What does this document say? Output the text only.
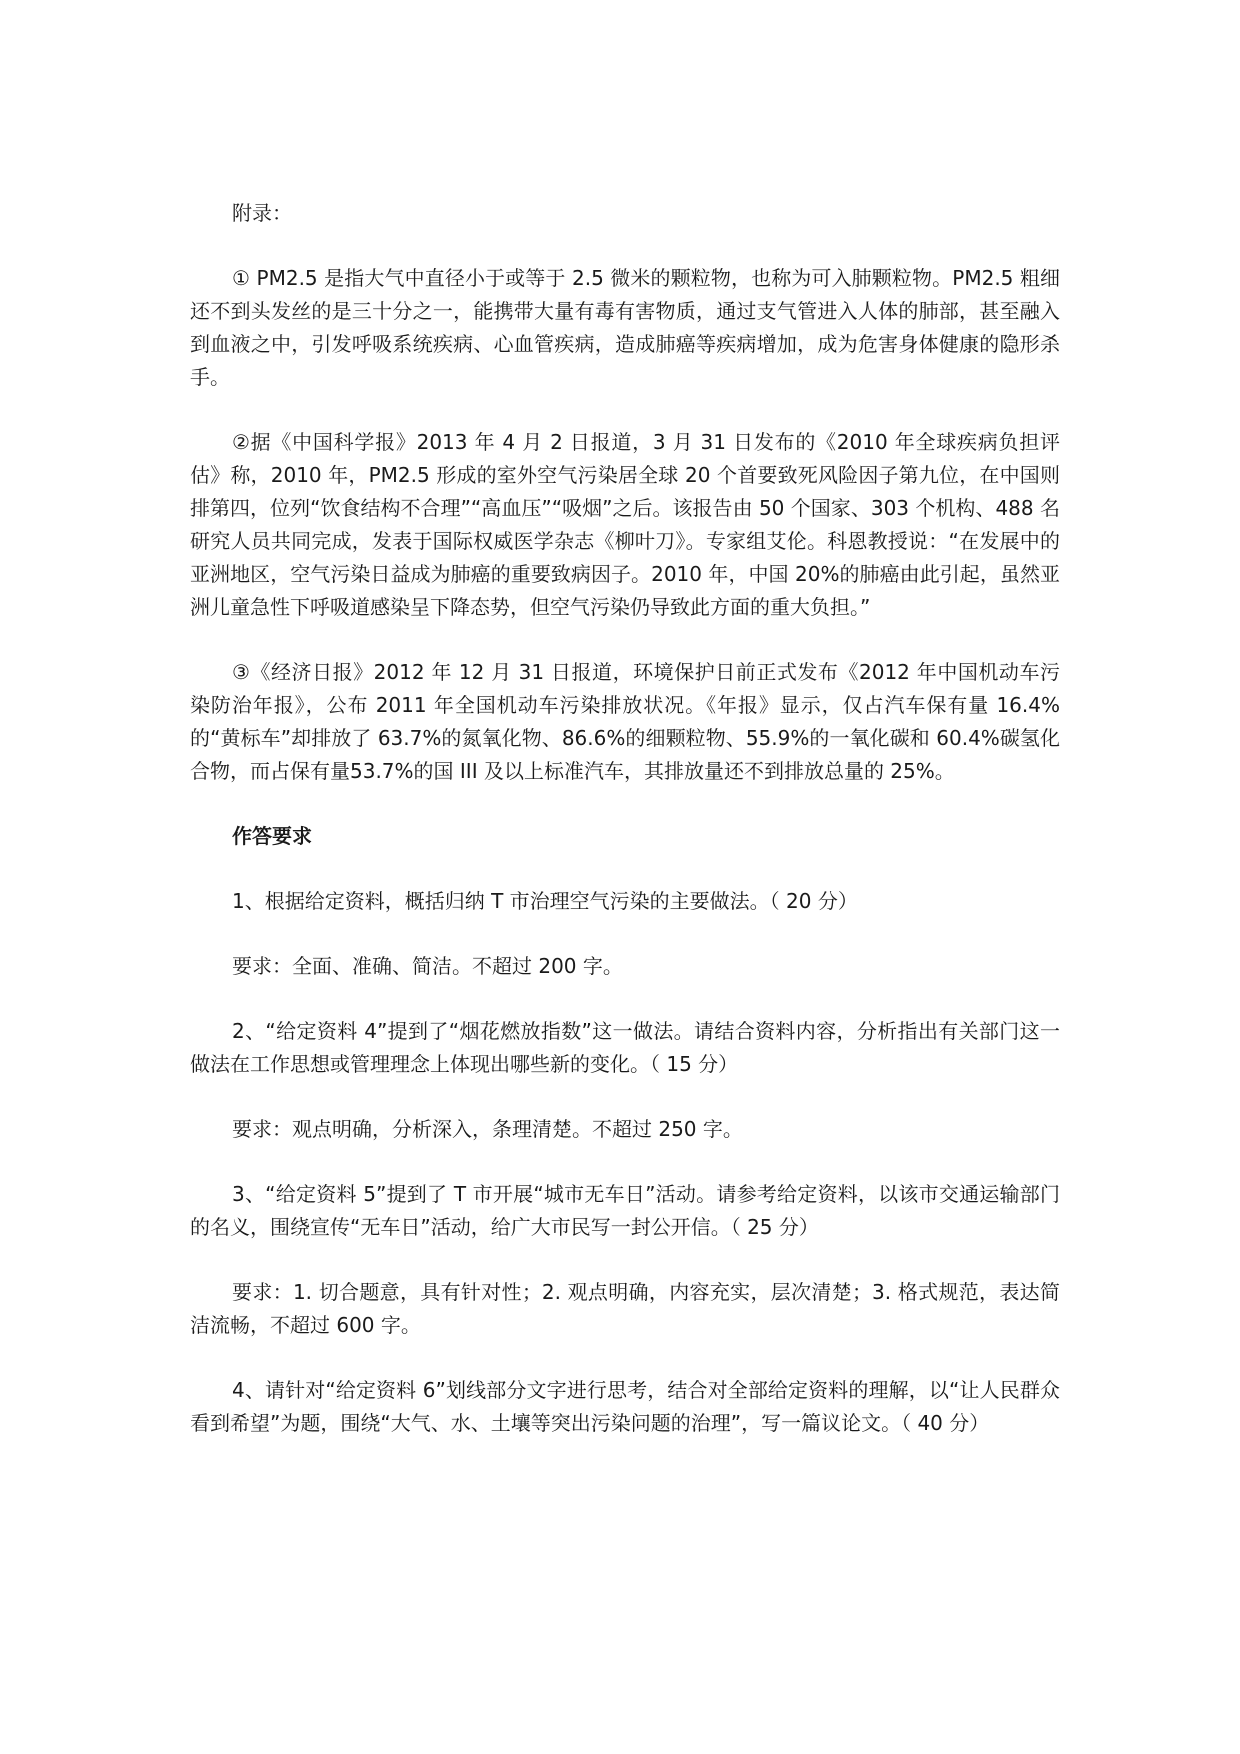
附录：

① PM2.5 是指大气中直径小于或等于 2.5 微米的颗粒物，也称为可入肺颗粒物。PM2.5 粗细还不到头发丝的是三十分之一，能携带大量有毒有害物质，通过支气管进入人体的肺部，甚至融入到血液之中，引发呼吸系统疾病、心血管疾病，造成肺癌等疾病增加，成为危害身体健康的隐形杀手。

②据《中国科学报》2013 年 4 月 2 日报道，3 月 31 日发布的《2010 年全球疾病负担评估》称，2010 年，PM2.5 形成的室外空气污染居全球 20 个首要致死风险因子第九位，在中国则排第四，位列“饮食结构不合理”“高血压”“吸烟”之后。该报告由 50 个国家、303 个机构、488 名研究人员共同完成，发表于国际权威医学杂志《柳叶刀》。专家组艾伦。科恩教授说：“在发展中的亚洲地区，空气污染日益成为肺癌的重要致病因子。2010 年，中国 20%的肺癌由此引起，虽然亚洲儿童急性下呼吸道感染呈下降态势，但空气污染仍导致此方面的重大负担。”

③《经济日报》2012 年 12 月 31 日报道，环境保护日前正式发布《2012 年中国机动车污染防治年报》，公布 2011 年全国机动车污染排放状况。《年报》显示，仅占汽车保有量 16.4%的“黄标车”却排放了 63.7%的氮氧化物、86.6%的细颗粒物、55.9%的一氧化碳和 60.4%碳氢化合物，而占保有量53.7%的国 III 及以上标准汽车，其排放量还不到排放总量的 25%。

作答要求

1、根据给定资料，概括归纳 T 市治理空气污染的主要做法。（ 20 分）

要求：全面、准确、简洁。不超过 200 字。

2、“给定资料 4”提到了“烟花燃放指数”这一做法。请结合资料内容，分析指出有关部门这一做法在工作思想或管理理念上体现出哪些新的变化。（ 15 分）

要求：观点明确，分析深入，条理清楚。不超过 250 字。

3、“给定资料 5”提到了 T 市开展“城市无车日”活动。请参考给定资料，以该市交通运输部门的名义，围绕宣传“无车日”活动，给广大市民写一封公开信。（ 25 分）

要求：1. 切合题意，具有针对性；2. 观点明确，内容充实，层次清楚；3. 格式规范，表达简洁流畅，不超过 600 字。

4、请针对“给定资料 6”划线部分文字进行思考，结合对全部给定资料的理解，以“让人民群众看到希望”为题，围绕“大气、水、土壤等突出污染问题的治理”，写一篇议论文。（ 40 分）
